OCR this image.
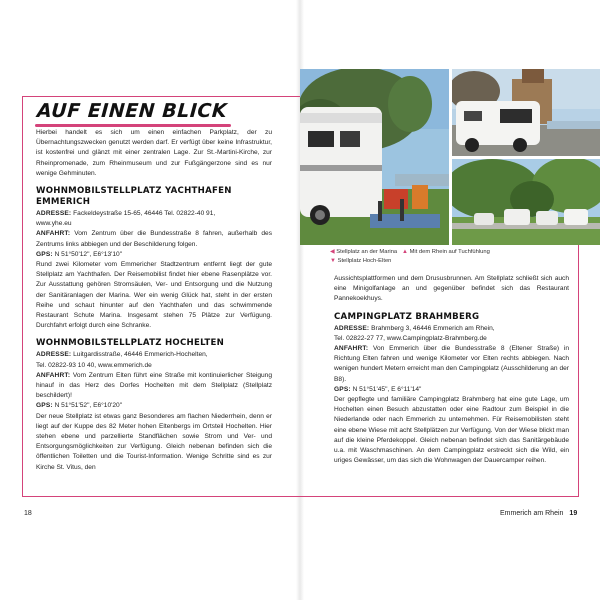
AUF EINEN BLICK

Hierbei handelt es sich um einen einfachen Parkplatz, der zu Übernachtungszwecken genutzt werden darf. Er verfügt über keine Infrastruktur, ist kostenfrei und glänzt mit einer zentralen Lage. Zur St.-Martini-Kirche, zur Rheinpromenade, zum Rheinmuseum und zur Fußgängerzone sind es nur wenige Gehminuten.

WOHNMOBILSTELLPLATZ YACHTHAFEN EMMERICH

ADRESSE: Fackeldeystraße 15-65, 46446 Tel. 02822-40 91,

www.yhe.eu

ANFAHRT: Vom Zentrum über die Bundesstraße 8 fahren, außerhalb des Zentrums links abbiegen und der Beschilderung folgen.

GPS: N 51°50'12", E6°13'10"

Rund zwei Kilometer vom Emmericher Stadtzentrum entfernt liegt der gute Stellplatz am Yachthafen. Der Reisemobilist findet hier ebene Rasenplätze vor. Zur Ausstattung gehören Stromsäulen, Ver- und Entsorgung und die Nutzung der Sanitäranlagen der Marina. Wer ein wenig Glück hat, steht in der ersten Reihe und schaut hinunter auf den Yachthafen und das schwimmende Restaurant Schute Marina. Insgesamt stehen 75 Plätze zur Verfügung. Durchfahrt erfolgt durch eine Schranke.

WOHNMOBILSTELLPLATZ HOCHELTEN

ADRESSE: Luitgardisstraße, 46446 Emmerich-Hochelten,

Tel. 02822-93 10 40, www.emmerich.de

ANFAHRT: Vom Zentrum Elten führt eine Straße mit kontinuierlicher Steigung hinauf in das Herz des Dorfes Hochelten mit dem Stellplatz (Stellplatz beschildert)!

GPS: N 51°51'52", E6°10'20"

Der neue Stellplatz ist etwas ganz Besonderes am flachen Niederrhein, denn er liegt auf der Kuppe des 82 Meter hohen Eltenbergs im Ortsteil Hochelten. Hier stehen ebene und parzellierte Standflächen sowie Strom und Ver- und Entsorgungsmöglichkeiten zur Verfügung. Gleich nebenan befinden sich die öffentlichen Toiletten und die Tourist-Information. Wenige Schritte sind es zur Kirche St. Vitus, den

◀ Stellplatz an der Marina ▲ Mit dem Rhein auf Tuchfühlung
▼ Stellplatz Hoch-Elten

Aussichtsplattformen und dem Drususbrunnen. Am Stellplatz schließt sich auch eine Minigolfanlage an und gegenüber befindet sich das Restaurant Pannekoekhuys.

CAMPINGPLATZ BRAHMBERG

ADRESSE: Brahmberg 3, 46446 Emmerich am Rhein,

Tel. 02822-27 77, www.Campingplatz-Brahmberg.de

ANFAHRT: Von Emmerich über die Bundesstraße 8 (Eltener Straße) in Richtung Elten fahren und wenige Kilometer vor Elten rechts abbiegen. Nach wenigen hundert Metern erreicht man den Campingplatz (Ausschilderung an der B8).

GPS: N 51°51'45", E 6°11'14"

Der gepflegte und familiäre Campingplatz Brahmberg hat eine gute Lage, um Hochelten einen Besuch abzustatten oder eine Radtour zum Beispiel in die Niederlande oder nach Emmerich zu unternehmen. Für Reisemobilisten steht eine ebene Wiese mit acht Stellplätzen zur Verfügung. Von der Wiese blickt man auf die kleine Pferdekoppel. Gleich nebenan befindet sich das Sanitärgebäude u.a. mit Waschmaschinen. An dem Campingplatz erstreckt sich die Wild, ein uriges Gewässer, um das sich die Wohnwagen der Dauercamper reihen.

18	Emmerich am Rhein 19
